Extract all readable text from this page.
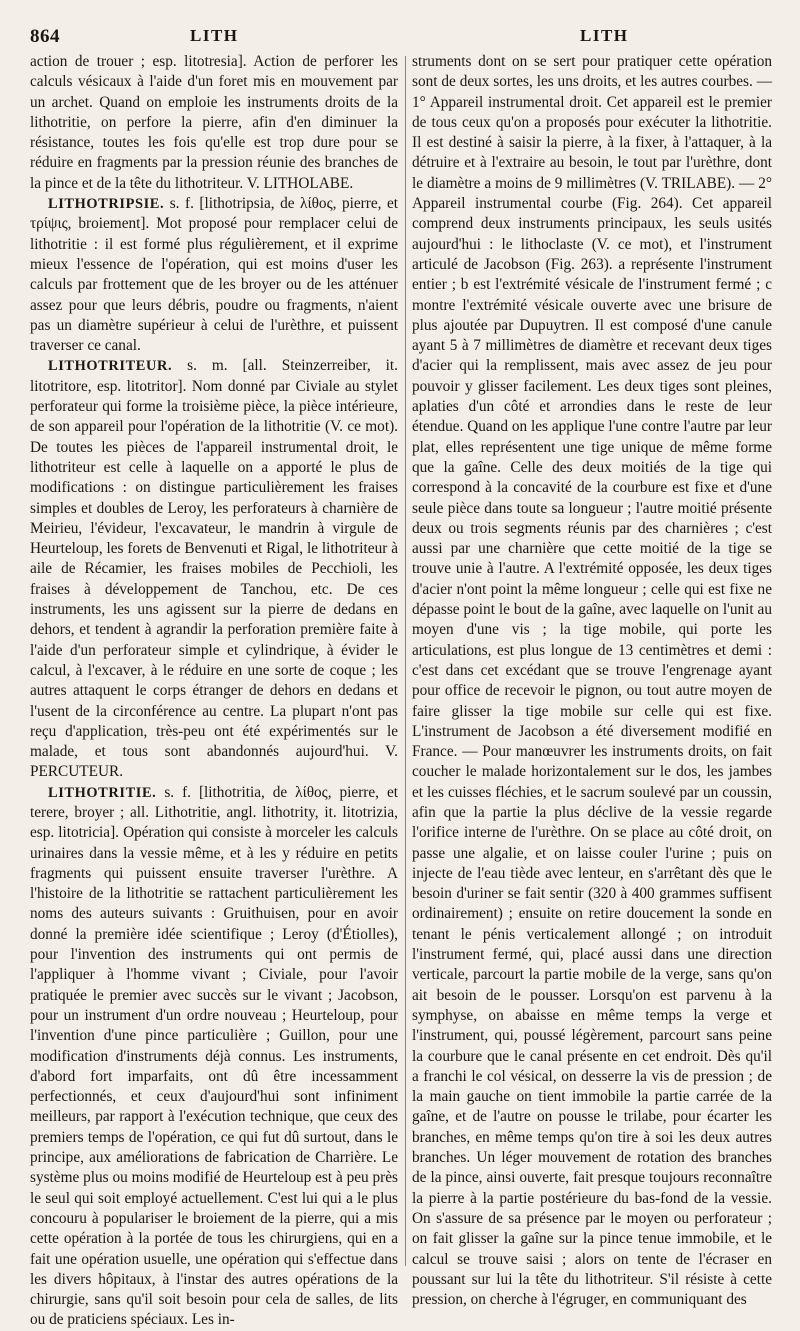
864	LITH	LITH

action de trouer ; esp. litotresia]. Action de perforer les calculs vésicaux à l'aide d'un foret mis en mouvement par un archet. Quand on emploie les instruments droits de la lithotritie, on perfore la pierre, afin d'en diminuer la résistance, toutes les fois qu'elle est trop dure pour se réduire en fragments par la pression réunie des branches de la pince et de la tête du lithotriteur. V. LITHOLABE.

LITHOTRIPSIE. s. f. [lithotripsia, de λίθος, pierre, et τρίψις, broiement]. Mot proposé pour remplacer celui de lithotritie : il est formé plus régulièrement, et il exprime mieux l'essence de l'opération, qui est moins d'user les calculs par frottement que de les broyer ou de les atténuer assez pour que leurs débris, poudre ou fragments, n'aient pas un diamètre supérieur à celui de l'urèthre, et puissent traverser ce canal.

LITHOTRITEUR. s. m. [all. Steinzerreiber, it. litotritore, esp. litotritor]. Nom donné par Civiale au stylet perforateur qui forme la troisième pièce, la pièce intérieure, de son appareil pour l'opération de la lithotritie (V. ce mot). De toutes les pièces de l'appareil instrumental droit, le lithotriteur est celle à laquelle on a apporté le plus de modifications : on distingue particulièrement les fraises simples et doubles de Leroy, les perforateurs à charnière de Meirieu, l'évideur, l'excavateur, le mandrin à virgule de Heurteloup, les forets de Benvenuti et Rigal, le lithotriteur à aile de Récamier, les fraises mobiles de Pecchioli, les fraises à développement de Tanchou, etc. De ces instruments, les uns agissent sur la pierre de dedans en dehors, et tendent à agrandir la perforation première faite à l'aide d'un perforateur simple et cylindrique, à évider le calcul, à l'excaver, à le réduire en une sorte de coque ; les autres attaquent le corps étranger de dehors en dedans et l'usent de la circonférence au centre. La plupart n'ont pas reçu d'application, très-peu ont été expérimentés sur le malade, et tous sont abandonnés aujourd'hui. V. PERCUTEUR.

LITHOTRITIE. s. f. [lithotritia, de λίθος, pierre, et terere, broyer ; all. Lithotritie, angl. lithotrity, it. litotrizia, esp. litotricia]. Opération qui consiste à morceler les calculs urinaires dans la vessie même, et à les y réduire en petits fragments qui puissent ensuite traverser l'urèthre. A l'histoire de la lithotritie se rattachent particulièrement les noms des auteurs suivants : Gruithuisen, pour en avoir donné la première idée scientifique ; Leroy (d'Étiolles), pour l'invention des instruments qui ont permis de l'appliquer à l'homme vivant ; Civiale, pour l'avoir pratiquée le premier avec succès sur le vivant ; Jacobson, pour un instrument d'un ordre nouveau ; Heurteloup, pour l'invention d'une pince particulière ; Guillon, pour une modification d'instruments déjà connus. Les instruments, d'abord fort imparfaits, ont dû être incessamment perfectionnés, et ceux d'aujourd'hui sont infiniment meilleurs, par rapport à l'exécution technique, que ceux des premiers temps de l'opération, ce qui fut dû surtout, dans le principe, aux améliorations de fabrication de Charrière. Le système plus ou moins modifié de Heurteloup est à peu près le seul qui soit employé actuellement. C'est lui qui a le plus concouru à populariser le broiement de la pierre, qui a mis cette opération à la portée de tous les chirurgiens, qui en a fait une opération usuelle, une opération qui s'effectue dans les divers hôpitaux, à l'instar des autres opérations de la chirurgie, sans qu'il soit besoin pour cela de salles, de lits ou de praticiens spéciaux. Les in-

struments dont on se sert pour pratiquer cette opération sont de deux sortes, les uns droits, et les autres courbes. — 1° Appareil instrumental droit. Cet appareil est le premier de tous ceux qu'on a proposés pour exécuter la lithotritie. Il est destiné à saisir la pierre, à la fixer, à l'attaquer, à la détruire et à l'extraire au besoin, le tout par l'urèthre, dont le diamètre a moins de 9 millimètres (V. TRILABE). — 2° Appareil instrumental courbe (Fig. 264). Cet appareil comprend deux instruments principaux, les seuls usités aujourd'hui : le lithoclaste (V. ce mot), et l'instrument articulé de Jacobson (Fig. 263). a représente l'instrument entier ; b est l'extrémité vésicale de l'instrument fermé ; c montre l'extrémité vésicale ouverte avec une brisure de plus ajoutée par Dupuytren. Il est composé d'une canule ayant 5 à 7 millimètres de diamètre et recevant deux tiges d'acier qui la remplissent, mais avec assez de jeu pour pouvoir y glisser facilement. Les deux tiges sont pleines, aplaties d'un côté et arrondies dans le reste de leur étendue. Quand on les applique l'une contre l'autre par leur plat, elles représentent une tige unique de même forme que la gaîne. Celle des deux moitiés de la tige qui correspond à la concavité de la courbure est fixe et d'une seule pièce dans toute sa longueur ; l'autre moitié présente deux ou trois segments réunis par des charnières ; c'est aussi par une charnière que cette moitié de la tige se trouve unie à l'autre. A l'extrémité opposée, les deux tiges d'acier n'ont point la même longueur ; celle qui est fixe ne dépasse point le bout de la gaîne, avec laquelle on l'unit au moyen d'une vis ; la tige mobile, qui porte les articulations, est plus longue de 13 centimètres et demi : c'est dans cet excédant que se trouve l'engrenage ayant pour office de recevoir le pignon, ou tout autre moyen de faire glisser la tige mobile sur celle qui est fixe. L'instrument de Jacobson a été diversement modifié en France. — Pour manœuvrer les instruments droits, on fait coucher le malade horizontalement sur le dos, les jambes et les cuisses fléchies, et le sacrum soulevé par un coussin, afin que la partie la plus déclive de la vessie regarde l'orifice interne de l'urèthre. On se place au côté droit, on passe une algalie, et on laisse couler l'urine ; puis on injecte de l'eau tiède avec lenteur, en s'arrêtant dès que le besoin d'uriner se fait sentir (320 à 400 grammes suffisent ordinairement) ; ensuite on retire doucement la sonde en tenant le pénis verticalement allongé ; on introduit l'instrument fermé, qui, placé aussi dans une direction verticale, parcourt la partie mobile de la verge, sans qu'on ait besoin de le pousser. Lorsqu'on est parvenu à la symphyse, on abaisse en même temps la verge et l'instrument, qui, poussé légèrement, parcourt sans peine la courbure que le canal présente en cet endroit. Dès qu'il a franchi le col vésical, on desserre la vis de pression ; de la main gauche on tient immobile la partie carrée de la gaîne, et de l'autre on pousse le trilabe, pour écarter les branches, en même temps qu'on tire à soi les deux autres branches. Un léger mouvement de rotation des branches de la pince, ainsi ouverte, fait presque toujours reconnaître la pierre à la partie postérieure du bas-fond de la vessie. On s'assure de sa présence par le moyen ou perforateur ; on fait glisser la gaîne sur la pince tenue immobile, et le calcul se trouve saisi ; alors on tente de l'écraser en poussant sur lui la tête du lithotriteur. S'il résiste à cette pression, on cherche à l'égruger, en communiquant des
